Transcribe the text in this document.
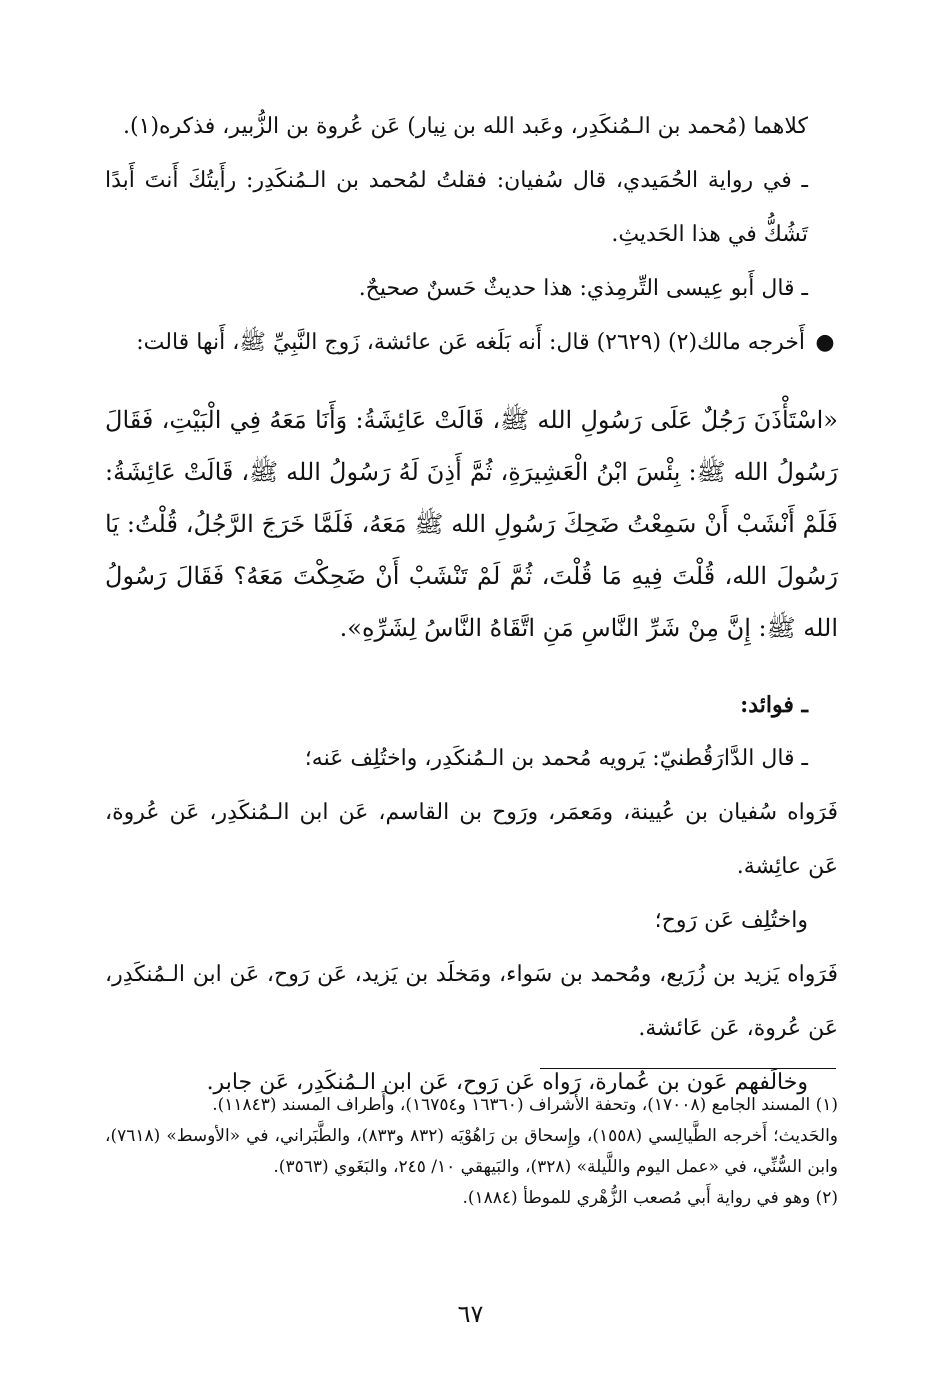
كلاهما (مُحمد بن الـمُنكَدِر، وعَبد الله بن نِيار) عَن عُروة بن الزُّبير، فذكره(١).

ـ في رواية الحُمَيدي، قال سُفيان: فقلتُ لمُحمد بن الـمُنكَدِر: رأَيتُكَ أَنتَ أَبدًا تَشُكُّ في هذا الحَديثِ.

ـ قال أَبو عِيسى التِّرمِذي: هذا حديثٌ حَسنٌ صحيحٌ.

● أَخرجه مالك(٢) (٢٦٢٩) قال: أَنه بَلَغه عَن عائشة، زَوج النَّبِيِّ ﷺ، أَنها قالت:

«اسْتَأْذَنَ رَجُلٌ عَلَى رَسُولِ الله ﷺ، قَالَتْ عَائِشَةُ: وَأَنَا مَعَهُ فِي الْبَيْتِ، فَقَالَ رَسُولُ الله ﷺ: بِئْسَ ابْنُ الْعَشِيرَةِ، ثُمَّ أَذِنَ لَهُ رَسُولُ الله ﷺ، قَالَتْ عَائِشَةُ: فَلَمْ أَنْشَبْ أَنْ سَمِعْتُ ضَحِكَ رَسُولِ الله ﷺ مَعَهُ، فَلَمَّا خَرَجَ الرَّجُلُ، قُلْتُ: يَا رَسُولَ الله، قُلْتَ فِيهِ مَا قُلْتَ، ثُمَّ لَمْ تَنْشَبْ أَنْ ضَحِكْتَ مَعَهُ؟ فَقَالَ رَسُولُ الله ﷺ: إِنَّ مِنْ شَرِّ النَّاسِ مَنِ اتَّقَاهُ النَّاسُ لِشَرِّهِ».

ـ فوائد:

ـ قال الدَّارَقُطنيّ: يَرويه مُحمد بن الـمُنكَدِر، واختُلِف عَنه؛

فَرَواه سُفيان بن عُيينة، ومَعمَر، ورَوح بن القاسم، عَن ابن الـمُنكَدِر، عَن عُروة، عَن عائِشة.

واختُلِف عَن رَوح؛

فَرَواه يَزيد بن زُرَيع، ومُحمد بن سَواء، ومَخلَد بن يَزيد، عَن رَوح، عَن ابن الـمُنكَدِر، عَن عُروة، عَن عَائشة.

وخالَفهم عَون بن عُمارة، رَواه عَن رَوح، عَن ابن الـمُنكَدِر، عَن جابر.

(١) المسند الجامع (١٧٠٠٨)، وتحفة الأشراف (١٦٣٦٠ و١٦٧٥٤)، وأَطراف المسند (١١٨٤٣).

والحَديث؛ أَخرجه الطَّيالِسي (١٥٥٨)، وإِسحاق بن رَاهُوْيَه (٨٣٢ و٨٣٣)، والطَّبَراني، في «الأوسط» (٧٦١٨)، وابن السُّنِّي، في «عمل اليوم واللَّيلة» (٣٢٨)، والبَيهقي ١٠/ ٢٤٥، والبَغَوي (٣٥٦٣).

(٢) وهو في رواية أَبي مُصعب الزُّهْري للموطأ (١٨٨٤).

٦٧
